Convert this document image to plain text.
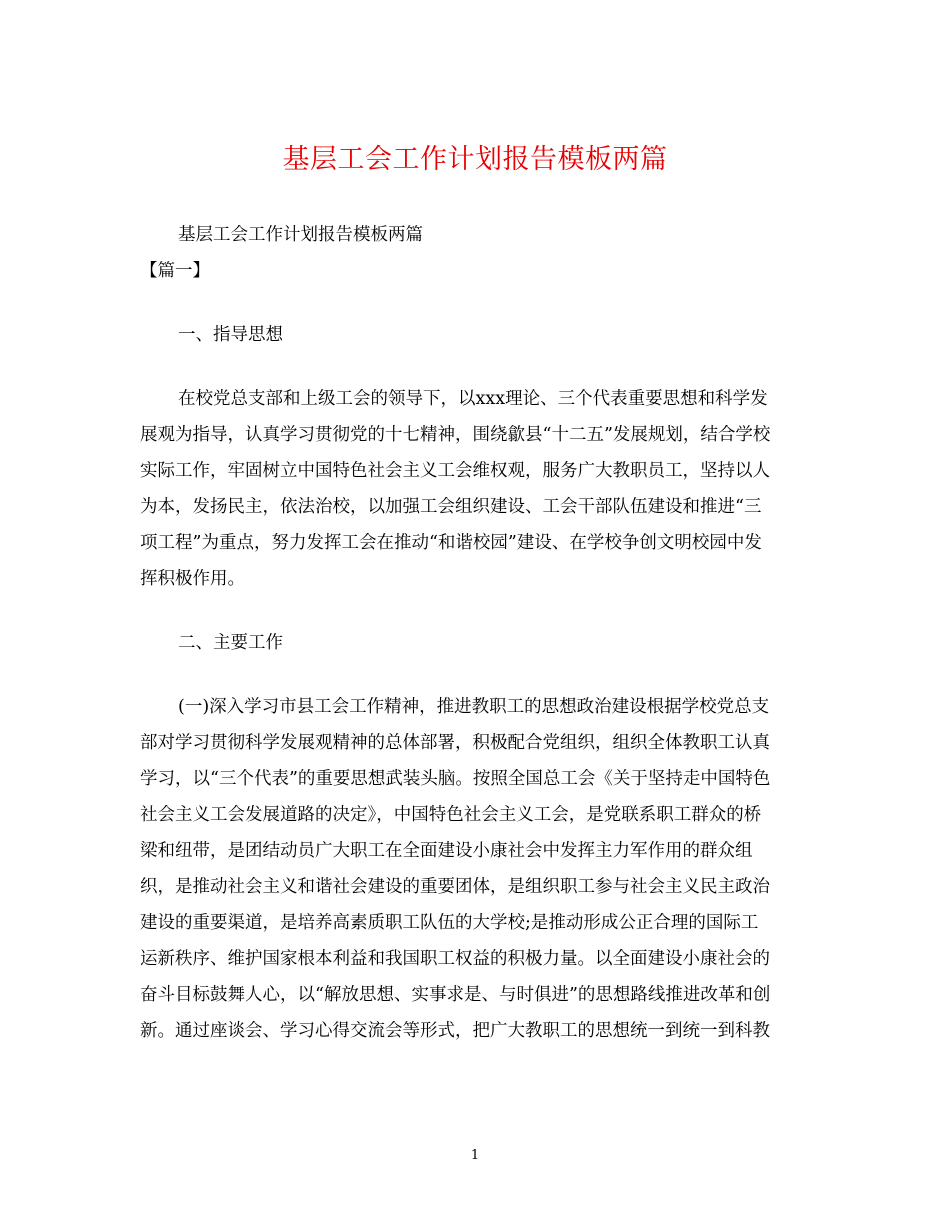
基层工会工作计划报告模板两篇
基层工会工作计划报告模板两篇
【篇一】
一、指导思想
在校党总支部和上级工会的领导下，以xxx理论、三个代表重要思想和科学发
展观为指导，认真学习贯彻党的十七精神，围绕歙县“十二五”发展规划，结合学校
实际工作，牢固树立中国特色社会主义工会维权观，服务广大教职员工，坚持以人
为本，发扬民主，依法治校，以加强工会组织建设、工会干部队伍建设和推进“三
项工程”为重点，努力发挥工会在推动“和谐校园”建设、在学校争创文明校园中发
挥积极作用。
二、主要工作
(一)深入学习市县工会工作精神，推进教职工的思想政治建设根据学校党总支
部对学习贯彻科学发展观精神的总体部署，积极配合党组织，组织全体教职工认真
学习，以“三个代表”的重要思想武装头脑。按照全国总工会《关于坚持走中国特色
社会主义工会发展道路的决定》，中国特色社会主义工会，是党联系职工群众的桥
梁和纽带，是团结动员广大职工在全面建设小康社会中发挥主力军作用的群众组
织，是推动社会主义和谐社会建设的重要团体，是组织职工参与社会主义民主政治
建设的重要渠道，是培养高素质职工队伍的大学校;是推动形成公正合理的国际工
运新秩序、维护国家根本利益和我国职工权益的积极力量。以全面建设小康社会的
奋斗目标鼓舞人心，以“解放思想、实事求是、与时俱进”的思想路线推进改革和创
新。通过座谈会、学习心得交流会等形式，把广大教职工的思想统一到统一到科教
1
